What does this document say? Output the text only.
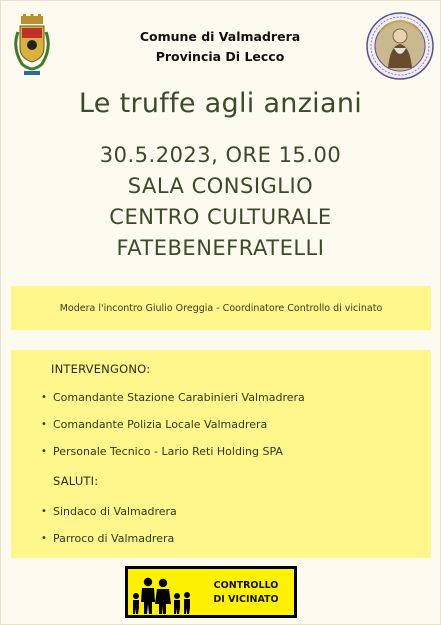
Comune di Valmadrera
Provincia Di Lecco
Le truffe agli anziani
30.5.2023, ORE 15.00
SALA CONSIGLIO
CENTRO CULTURALE
FATEBENEFRATELLI
Modera l'incontro Giulio Oreggia - Coordinatore Controllo di vicinato
INTERVENGONO:
• Comandante Stazione Carabinieri Valmadrera
• Comandante Polizia Locale Valmadrera
• Personale Tecnico - Lario Reti Holding SPA
SALUTI:
• Sindaco di Valmadrera
• Parroco di Valmadrera
CONTROLLO
DI VICINATO
